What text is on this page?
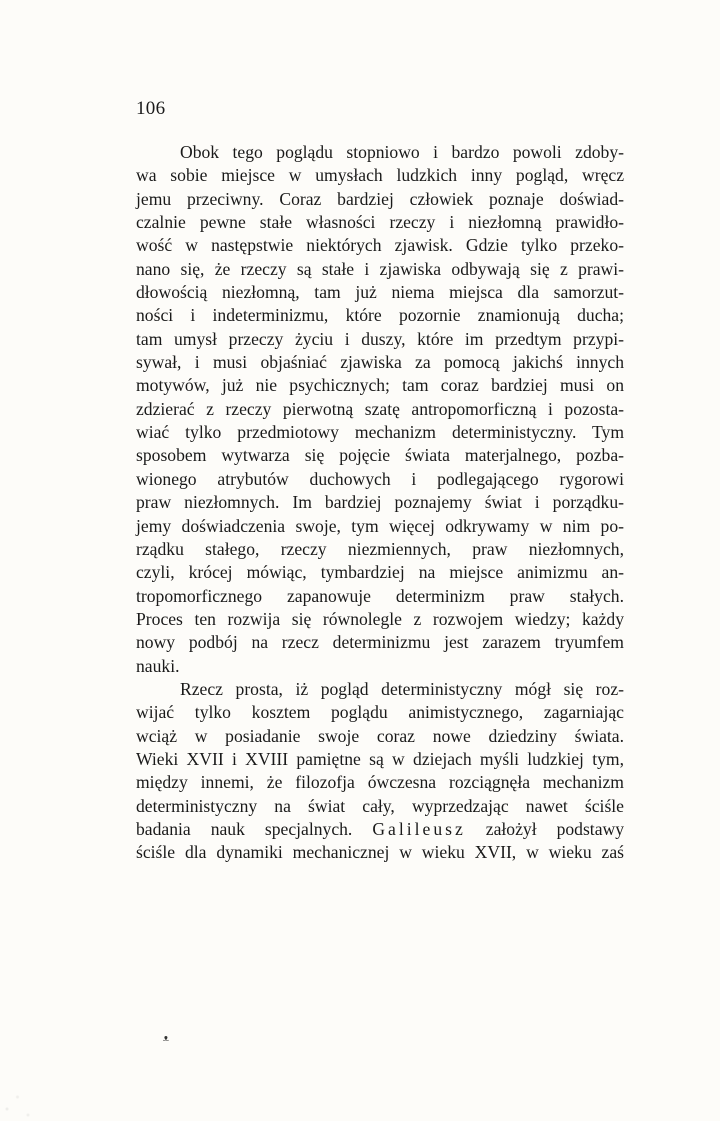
106
Obok tego poglądu stopniowo i bardzo powoli zdoby-
wa sobie miejsce w umysłach ludzkich inny pogląd, wręcz
jemu przeciwny. Coraz bardziej człowiek poznaje doświad-
czalnie pewne stałe własności rzeczy i niezłomną prawidło-
wość w następstwie niektórych zjawisk. Gdzie tylko przeko-
nano się, że rzeczy są stałe i zjawiska odbywają się z prawi-
dłowością niezłomną, tam już niema miejsca dla samorzut-
ności i indeterminizmu, które pozornie znamionują ducha;
tam umysł przeczy życiu i duszy, które im przedtym przypi-
sywał, i musi objaśniać zjawiska za pomocą jakichś innych
motywów, już nie psychicznych; tam coraz bardziej musi on
zdzierać z rzeczy pierwotną szatę antropomorficzną i pozosta-
wiać tylko przedmiotowy mechanizm deterministyczny. Tym
sposobem wytwarza się pojęcie świata materjalnego, pozba-
wionego atrybutów duchowych i podlegającego rygorowi
praw niezłomnych. Im bardziej poznajemy świat i porządku-
jemy doświadczenia swoje, tym więcej odkrywamy w nim po-
rządku stałego, rzeczy niezmiennych, praw niezłomnych,
czyli, krócej mówiąc, tymbardziej na miejsce animizmu an-
tropomorficznego zapanowuje determinizm praw stałych.
Proces ten rozwija się równolegle z rozwojem wiedzy; każdy
nowy podbój na rzecz determinizmu jest zarazem tryumfem
nauki.
Rzecz prosta, iż pogląd deterministyczny mógł się roz-
wijać tylko kosztem poglądu animistycznego, zagarniając
wciąż w posiadanie swoje coraz nowe dziedziny świata.
Wieki XVII i XVIII pamiętne są w dziejach myśli ludzkiej tym,
między innemi, że filozofja ówczesna rozciągnęła mechanizm
deterministyczny na świat cały, wyprzedzając nawet ściśle
badania nauk specjalnych. Galileusz założył podstawy
ściśle dla dynamiki mechanicznej w wieku XVII, w wieku zaś
ᴥ
